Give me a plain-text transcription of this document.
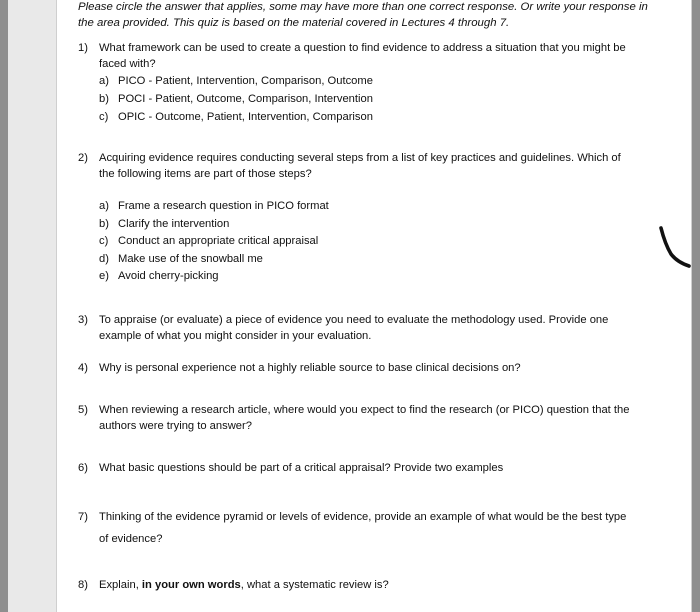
Please circle the answer that applies, some may have more than one correct response. Or write your response in
the area provided. This quiz is based on the material covered in Lectures 4 through 7.
1) What framework can be used to create a question to find evidence to address a situation that you might be
faced with?
a) PICO - Patient, Intervention, Comparison, Outcome
b) POCI - Patient, Outcome, Comparison, Intervention
c) OPIC - Outcome, Patient, Intervention, Comparison
2) Acquiring evidence requires conducting several steps from a list of key practices and guidelines. Which of
the following items are part of those steps?
a) Frame a research question in PICO format
b) Clarify the intervention
c) Conduct an appropriate critical appraisal
d) Make use of the snowball me
e) Avoid cherry-picking
3) To appraise (or evaluate) a piece of evidence you need to evaluate the methodology used. Provide one
example of what you might consider in your evaluation.
4) Why is personal experience not a highly reliable source to base clinical decisions on?
5) When reviewing a research article, where would you expect to find the research (or PICO) question that the
authors were trying to answer?
6) What basic questions should be part of a critical appraisal? Provide two examples
7) Thinking of the evidence pyramid or levels of evidence, provide an example of what would be the best type
of evidence?
8) Explain, in your own words, what a systematic review is?
